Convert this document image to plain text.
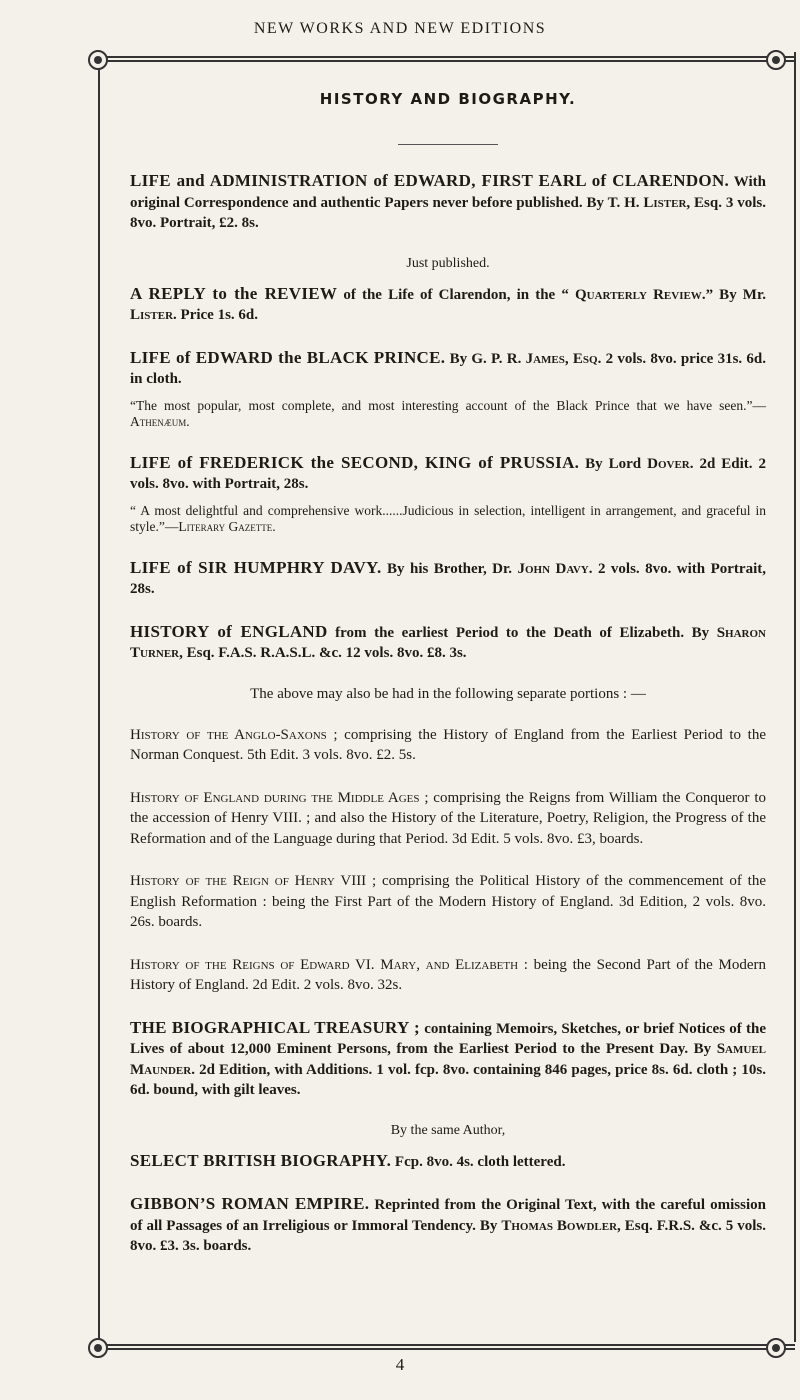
NEW WORKS AND NEW EDITIONS
HISTORY AND BIOGRAPHY.

LIFE and ADMINISTRATION of EDWARD, FIRST EARL of CLARENDON. With original Correspondence and authentic Papers never before published. By T. H. Lister, Esq. 3 vols. 8vo. Portrait, £2. 8s.

Just published.

A REPLY to the REVIEW of the Life of Clarendon, in the “ Quarterly Review.” By Mr. Lister. Price 1s. 6d.

LIFE of EDWARD the BLACK PRINCE. By G. P. R. James, Esq. 2 vols. 8vo. price 31s. 6d. in cloth.

“The most popular, most complete, and most interesting account of the Black Prince that we have seen.”—Athenæum.

LIFE of FREDERICK the SECOND, KING of PRUSSIA. By Lord Dover. 2d Edit. 2 vols. 8vo. with Portrait, 28s.

“ A most delightful and comprehensive work......Judicious in selection, intelligent in arrangement, and graceful in style.”—Literary Gazette.

LIFE of SIR HUMPHRY DAVY. By his Brother, Dr. John Davy. 2 vols. 8vo. with Portrait, 28s.

HISTORY of ENGLAND from the earliest Period to the Death of Elizabeth. By Sharon Turner, Esq. F.A.S. R.A.S.L. &c. 12 vols. 8vo. £8. 3s.

The above may also be had in the following separate portions : —

History of the Anglo-Saxons ; comprising the History of England from the Earliest Period to the Norman Conquest. 5th Edit. 3 vols. 8vo. £2. 5s.

History of England during the Middle Ages ; comprising the Reigns from William the Conqueror to the accession of Henry VIII. ; and also the History of the Literature, Poetry, Religion, the Progress of the Reformation and of the Language during that Period. 3d Edit. 5 vols. 8vo. £3, boards.

History of the Reign of Henry VIII ; comprising the Political History of the commencement of the English Reformation : being the First Part of the Modern History of England. 3d Edition, 2 vols. 8vo. 26s. boards.

History of the Reigns of Edward VI. Mary, and Elizabeth : being the Second Part of the Modern History of England. 2d Edit. 2 vols. 8vo. 32s.

THE BIOGRAPHICAL TREASURY ; containing Memoirs, Sketches, or brief Notices of the Lives of about 12,000 Eminent Persons, from the Earliest Period to the Present Day. By Samuel Maunder. 2d Edition, with Additions. 1 vol. fcp. 8vo. containing 846 pages, price 8s. 6d. cloth ; 10s. 6d. bound, with gilt leaves.

By the same Author,

SELECT BRITISH BIOGRAPHY. Fcp. 8vo. 4s. cloth lettered.

GIBBON’S ROMAN EMPIRE. Reprinted from the Original Text, with the careful omission of all Passages of an Irreligious or Immoral Tendency. By Thomas Bowdler, Esq. F.R.S. &c. 5 vols. 8vo. £3. 3s. boards.

4
